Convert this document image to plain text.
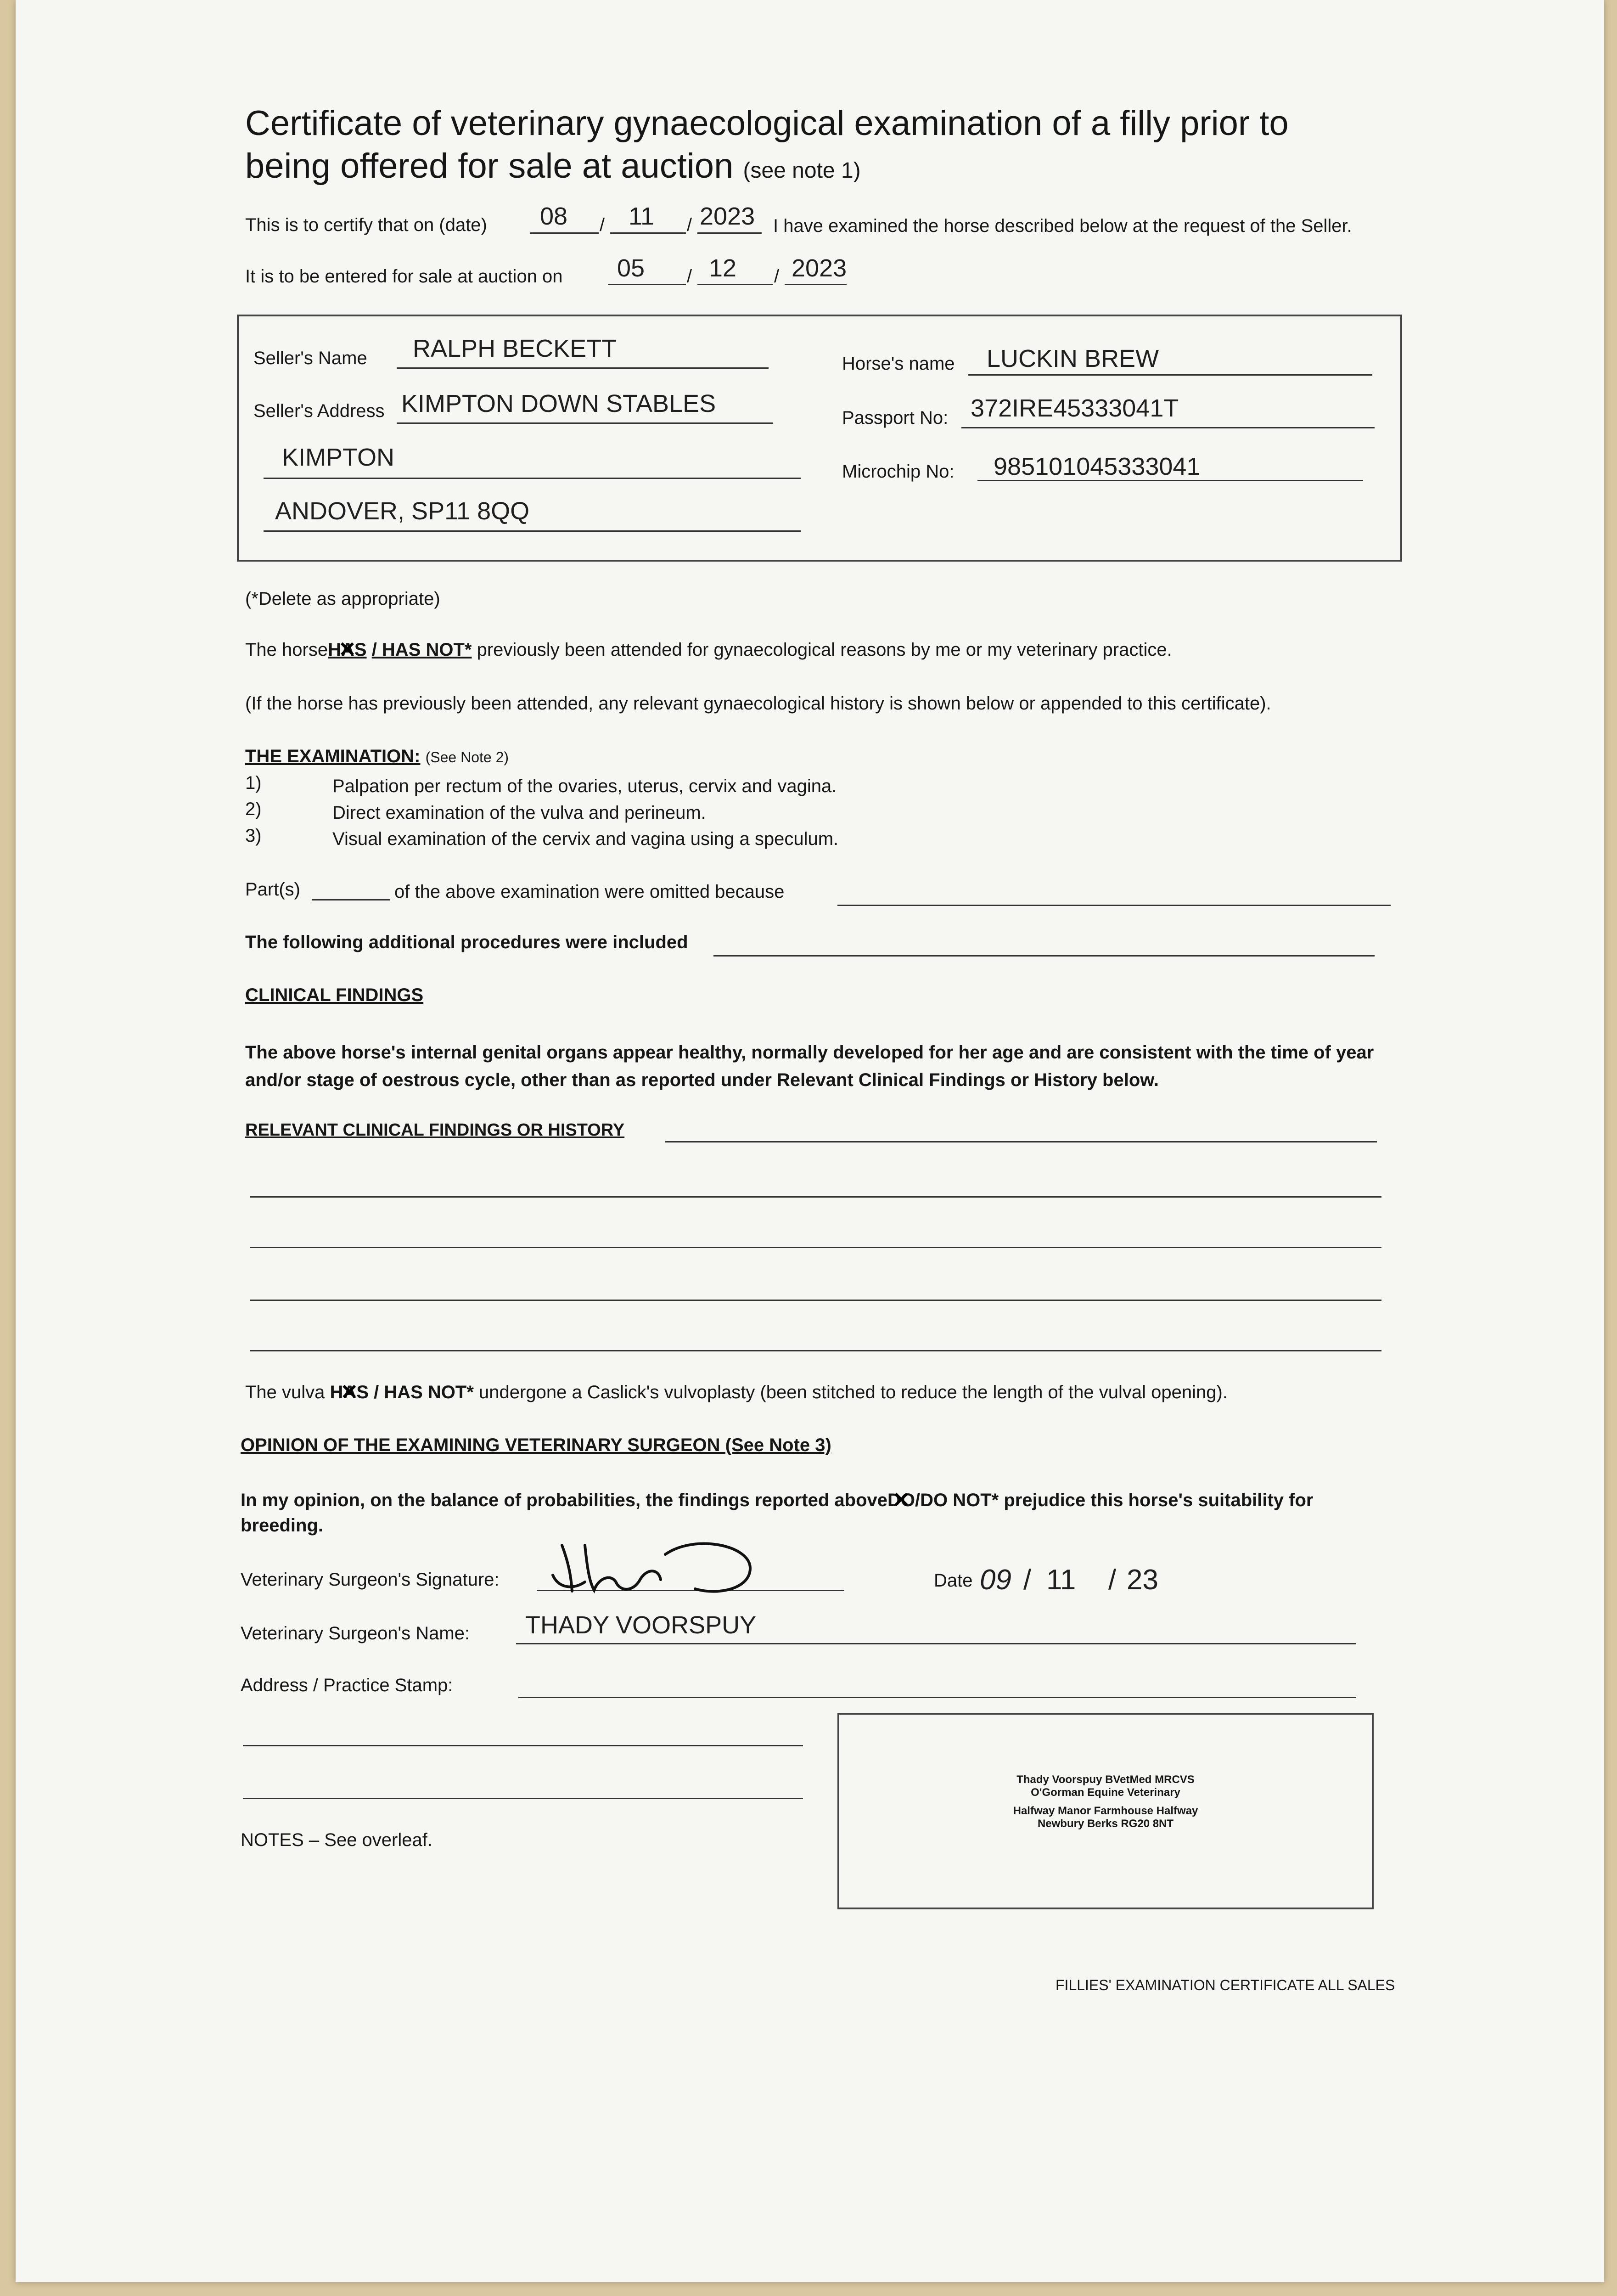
Certificate of veterinary gynaecological examination of a filly prior to
being offered for sale at auction (see note 1)
This is to certify that on (date) 08 / 11 / 2023 I have examined the horse described below at the request of the Seller.
It is to be entered for sale at auction on 05 / 12 / 2023
Seller's Name RALPH BECKETT
Seller's Address KIMPTON DOWN STABLES
KIMPTON
ANDOVER, SP11 8QQ
Horse's name LUCKIN BREW
Passport No: 372IRE45333041T
Microchip No: 985101045333041
(*Delete as appropriate)
The horseHAS ✕ / HAS NOT* previously been attended for gynaecological reasons by me or my veterinary practice.
(If the horse has previously been attended, any relevant gynaecological history is shown below or appended to this certificate).
THE EXAMINATION: (See Note 2)
1)	Palpation per rectum of the ovaries, uterus, cervix and vagina.
2)	Direct examination of the vulva and perineum.
3)	Visual examination of the cervix and vagina using a speculum.
Part(s)	of the above examination were omitted because
The following additional procedures were included
CLINICAL FINDINGS
The above horse's internal genital organs appear healthy, normally developed for her age and are consistent with the time of year
and/or stage of oestrous cycle, other than as reported under Relevant Clinical Findings or History below.
RELEVANT CLINICAL FINDINGS OR HISTORY
The vulva HAS ✕ / HAS NOT* undergone a Caslick's vulvoplasty (been stitched to reduce the length of the vulval opening).
OPINION OF THE EXAMINING VETERINARY SURGEON (See Note 3)
In my opinion, on the balance of probabilities, the findings reported aboveDO ✕/DO NOT* prejudice this horse's suitability for
breeding.
Veterinary Surgeon's Signature:	Date 09 / 11 / 23
Veterinary Surgeon's Name: THADY VOORSPUY
Address / Practice Stamp:
Thady Voorspuy BVetMed MRCVS
O'Gorman Equine Veterinary
Halfway Manor Farmhouse Halfway
Newbury Berks RG20 8NT
NOTES – See overleaf.
FILLIES' EXAMINATION CERTIFICATE ALL SALES
